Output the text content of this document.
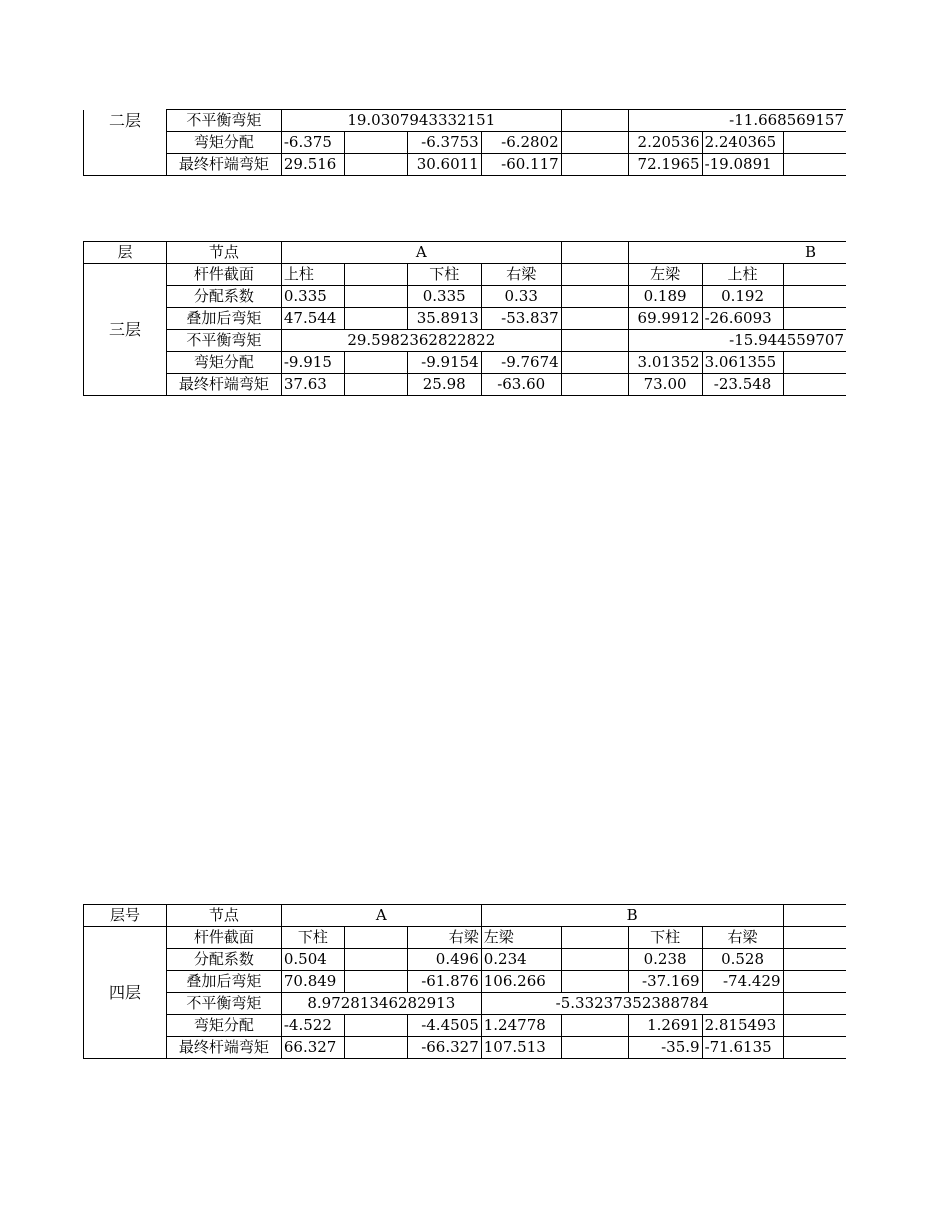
二层	不平衡弯矩	19.0307943332151					-11.668569157		
	弯矩分配	-6.375		-6.3753	-6.2802		2.20536	2.240365	
	最终杆端弯矩	29.516		30.6011	-60.117		72.1965	-19.0891	
层	节点	A					B		
三层	杆件截面	上柱		下柱	右梁		左梁	上柱	
	分配系数	0.335		0.335	0.33		0.189	0.192	
	叠加后弯矩	47.544		35.8913	-53.837		69.9912	-26.6093	
	不平衡弯矩	29.5982362822822					-15.944559707		
	弯矩分配	-9.915		-9.9154	-9.7674		3.01352	3.061355	
	最终杆端弯矩	37.63		25.98	-63.60		73.00	-23.548	
层号	节点	A			B				
四层	杆件截面	下柱		右梁	左梁		下柱	右梁	
	分配系数	0.504		0.496	0.234		0.238	0.528	
	叠加后弯矩	70.849		-61.876	106.266		-37.169	-74.429	
	不平衡弯矩	8.97281346282913			-5.33237352388784				
	弯矩分配	-4.522		-4.4505	1.24778		1.2691	2.815493	
	最终杆端弯矩	66.327		-66.327	107.513		-35.9	-71.6135	
